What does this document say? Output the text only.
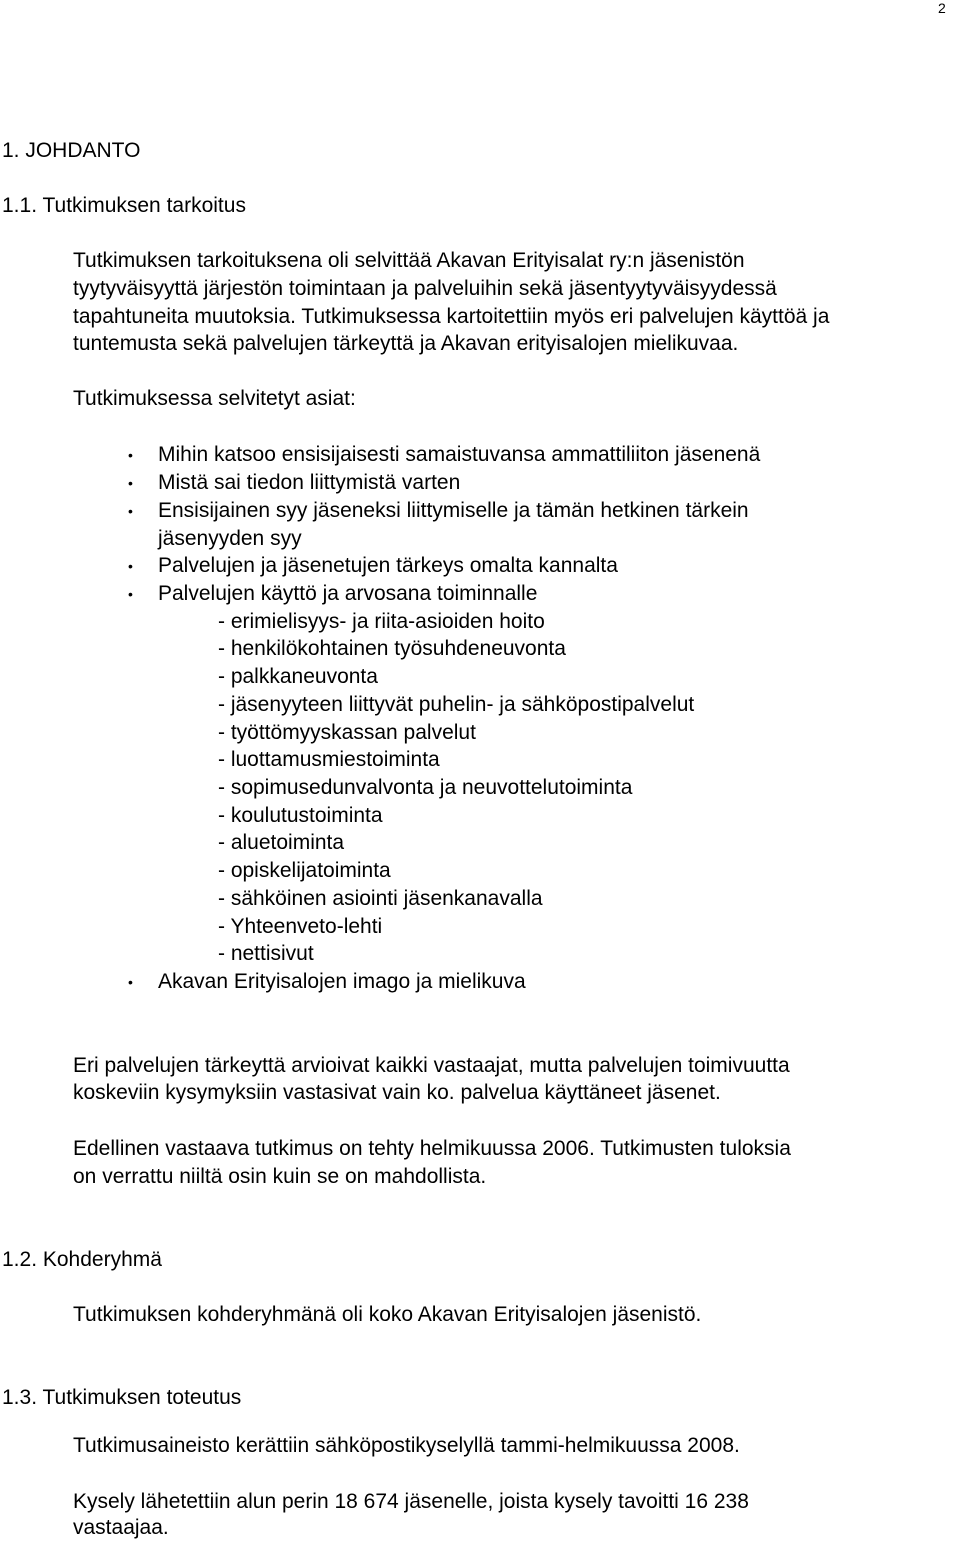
2
1. JOHDANTO
1.1. Tutkimuksen tarkoitus
Tutkimuksen tarkoituksena oli selvittää Akavan Erityisalat ry:n jäsenistön
tyytyväisyyttä järjestön toimintaan ja palveluihin sekä jäsentyytyväisyydessä
tapahtuneita muutoksia. Tutkimuksessa kartoitettiin myös eri palvelujen käyttöä ja
tuntemusta sekä palvelujen tärkeyttä ja Akavan erityisalojen mielikuvaa.
Tutkimuksessa selvitetyt asiat:
• Mihin katsoo ensisijaisesti samaistuvansa ammattiliiton jäsenenä
• Mistä sai tiedon liittymistä varten
• Ensisijainen syy jäseneksi liittymiselle ja tämän hetkinen tärkein
jäsenyyden syy
• Palvelujen ja jäsenetujen tärkeys omalta kannalta
• Palvelujen käyttö ja arvosana toiminnalle
- erimielisyys- ja riita-asioiden hoito
- henkilökohtainen työsuhdeneuvonta
- palkkaneuvonta
- jäsenyyteen liittyvät puhelin- ja sähköpostipalvelut
- työttömyyskassan palvelut
- luottamusmiestoiminta
- sopimusedunvalvonta ja neuvottelutoiminta
- koulutustoiminta
- aluetoiminta
- opiskelijatoiminta
- sähköinen asiointi jäsenkanavalla
- Yhteenveto-lehti
- nettisivut
• Akavan Erityisalojen imago ja mielikuva
Eri palvelujen tärkeyttä arvioivat kaikki vastaajat, mutta palvelujen toimivuutta
koskeviin kysymyksiin vastasivat vain ko. palvelua käyttäneet jäsenet.
Edellinen vastaava tutkimus on tehty helmikuussa 2006. Tutkimusten tuloksia
on verrattu niiltä osin kuin se on mahdollista.
1.2. Kohderyhmä
Tutkimuksen kohderyhmänä oli koko Akavan Erityisalojen jäsenistö.
1.3. Tutkimuksen toteutus
Tutkimusaineisto kerättiin sähköpostikyselyllä tammi-helmikuussa 2008.
Kysely lähetettiin alun perin 18 674 jäsenelle, joista kysely tavoitti 16 238
vastaajaa.
